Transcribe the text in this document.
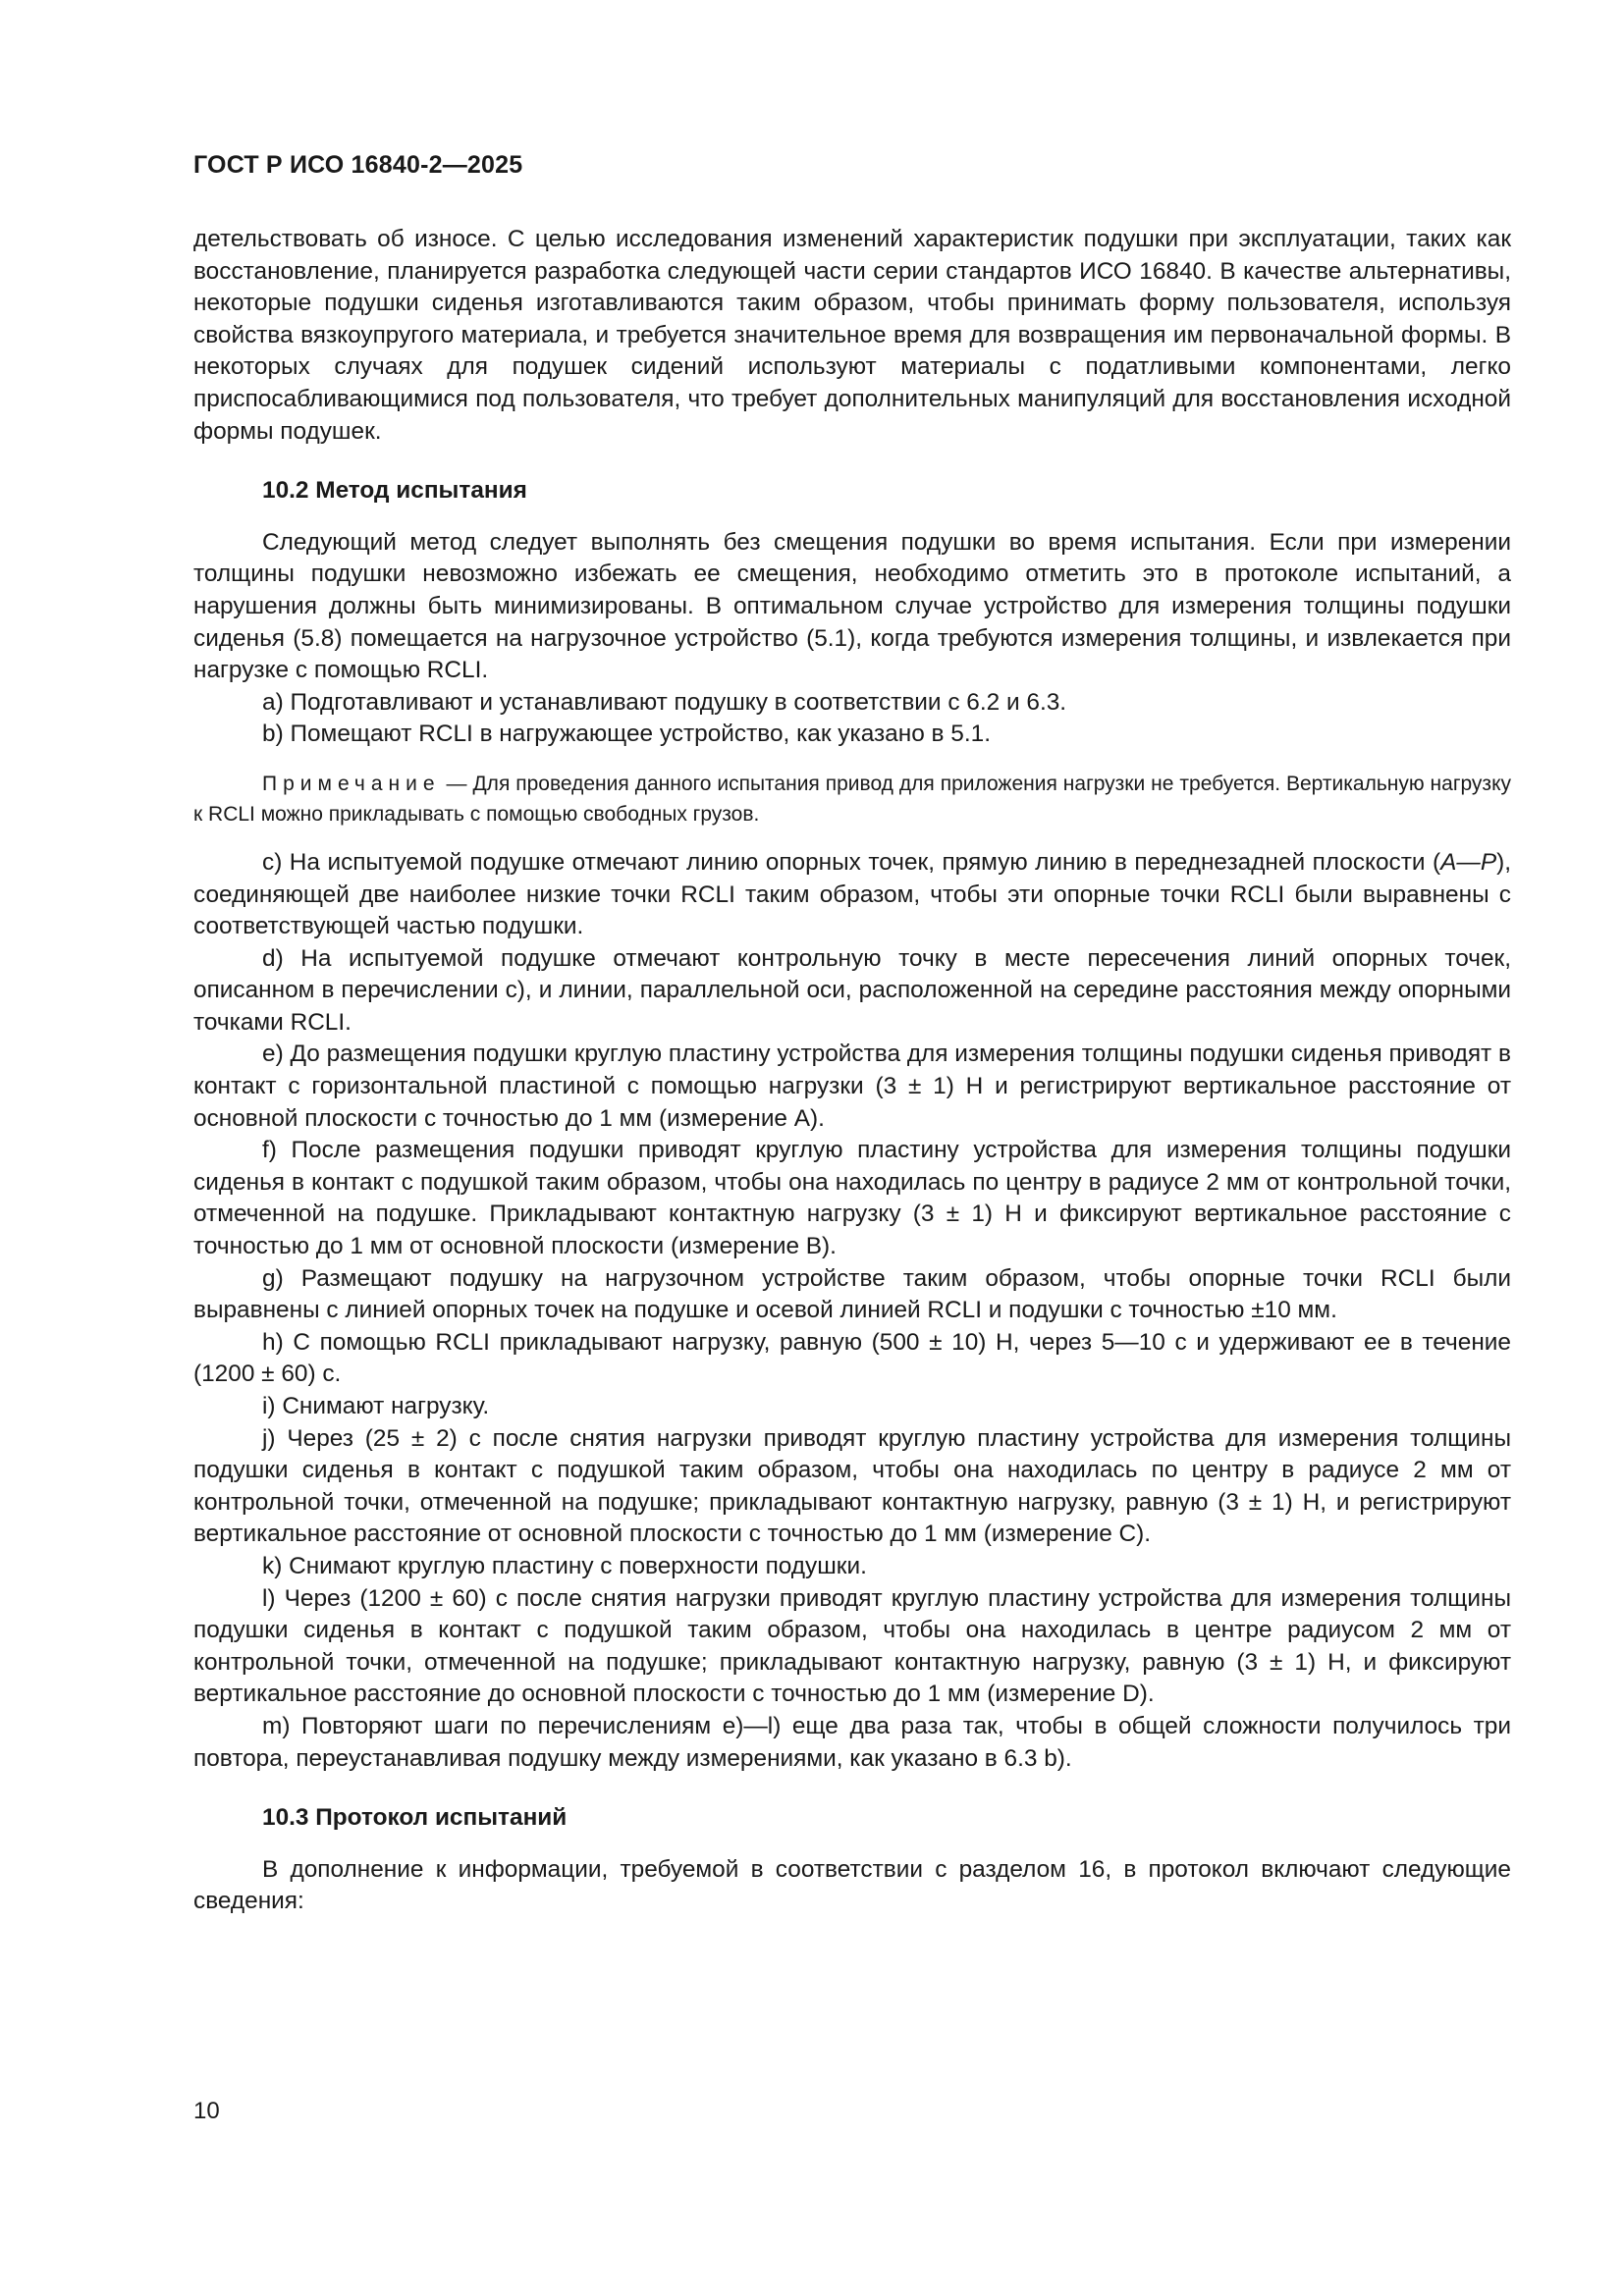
ГОСТ Р ИСО 16840-2—2025

детельствовать об износе. С целью исследования изменений характеристик подушки при эксплуатации, таких как восстановление, планируется разработка следующей части серии стандартов ИСО 16840. В качестве альтернативы, некоторые подушки сиденья изготавливаются таким образом, чтобы принимать форму пользователя, используя свойства вязкоупругого материала, и требуется значительное время для возвращения им первоначальной формы. В некоторых случаях для подушек сидений используют материалы с податливыми компонентами, легко приспосабливающимися под пользователя, что требует дополнительных манипуляций для восстановления исходной формы подушек.

10.2 Метод испытания

Следующий метод следует выполнять без смещения подушки во время испытания. Если при измерении толщины подушки невозможно избежать ее смещения, необходимо отметить это в протоколе испытаний, а нарушения должны быть минимизированы. В оптимальном случае устройство для измерения толщины подушки сиденья (5.8) помещается на нагрузочное устройство (5.1), когда требуются измерения толщины, и извлекается при нагрузке с помощью RCLI.

а) Подготавливают и устанавливают подушку в соответствии с 6.2 и 6.3.

b) Помещают RCLI в нагружающее устройство, как указано в 5.1.

Примечание — Для проведения данного испытания привод для приложения нагрузки не требуется. Вертикальную нагрузку к RCLI можно прикладывать с помощью свободных грузов.

с) На испытуемой подушке отмечают линию опорных точек, прямую линию в переднезадней плоскости (A—P), соединяющей две наиболее низкие точки RCLI таким образом, чтобы эти опорные точки RCLI были выравнены с соответствующей частью подушки.

d) На испытуемой подушке отмечают контрольную точку в месте пересечения линий опорных точек, описанном в перечислении с), и линии, параллельной оси, расположенной на середине расстояния между опорными точками RCLI.

е) До размещения подушки круглую пластину устройства для измерения толщины подушки сиденья приводят в контакт с горизонтальной пластиной с помощью нагрузки (3 ± 1) Н и регистрируют вертикальное расстояние от основной плоскости с точностью до 1 мм (измерение А).

f) После размещения подушки приводят круглую пластину устройства для измерения толщины подушки сиденья в контакт с подушкой таким образом, чтобы она находилась по центру в радиусе 2 мм от контрольной точки, отмеченной на подушке. Прикладывают контактную нагрузку (3 ± 1) Н и фиксируют вертикальное расстояние с точностью до 1 мм от основной плоскости (измерение В).

g) Размещают подушку на нагрузочном устройстве таким образом, чтобы опорные точки RCLI были выравнены с линией опорных точек на подушке и осевой линией RCLI и подушки с точностью ±10 мм.

h) С помощью RCLI прикладывают нагрузку, равную (500 ± 10) Н, через 5—10 с и удерживают ее в течение (1200 ± 60) с.

i) Снимают нагрузку.

j) Через (25 ± 2) с после снятия нагрузки приводят круглую пластину устройства для измерения толщины подушки сиденья в контакт с подушкой таким образом, чтобы она находилась по центру в радиусе 2 мм от контрольной точки, отмеченной на подушке; прикладывают контактную нагрузку, равную (3 ± 1) Н, и регистрируют вертикальное расстояние от основной плоскости с точностью до 1 мм (измерение С).

k) Снимают круглую пластину с поверхности подушки.

l) Через (1200 ± 60) с после снятия нагрузки приводят круглую пластину устройства для измерения толщины подушки сиденья в контакт с подушкой таким образом, чтобы она находилась в центре радиусом 2 мм от контрольной точки, отмеченной на подушке; прикладывают контактную нагрузку, равную (3 ± 1) Н, и фиксируют вертикальное расстояние до основной плоскости с точностью до 1 мм (измерение D).

m) Повторяют шаги по перечислениям е)—l) еще два раза так, чтобы в общей сложности получилось три повтора, переустанавливая подушку между измерениями, как указано в 6.3 b).

10.3 Протокол испытаний

В дополнение к информации, требуемой в соответствии с разделом 16, в протокол включают следующие сведения:

10
